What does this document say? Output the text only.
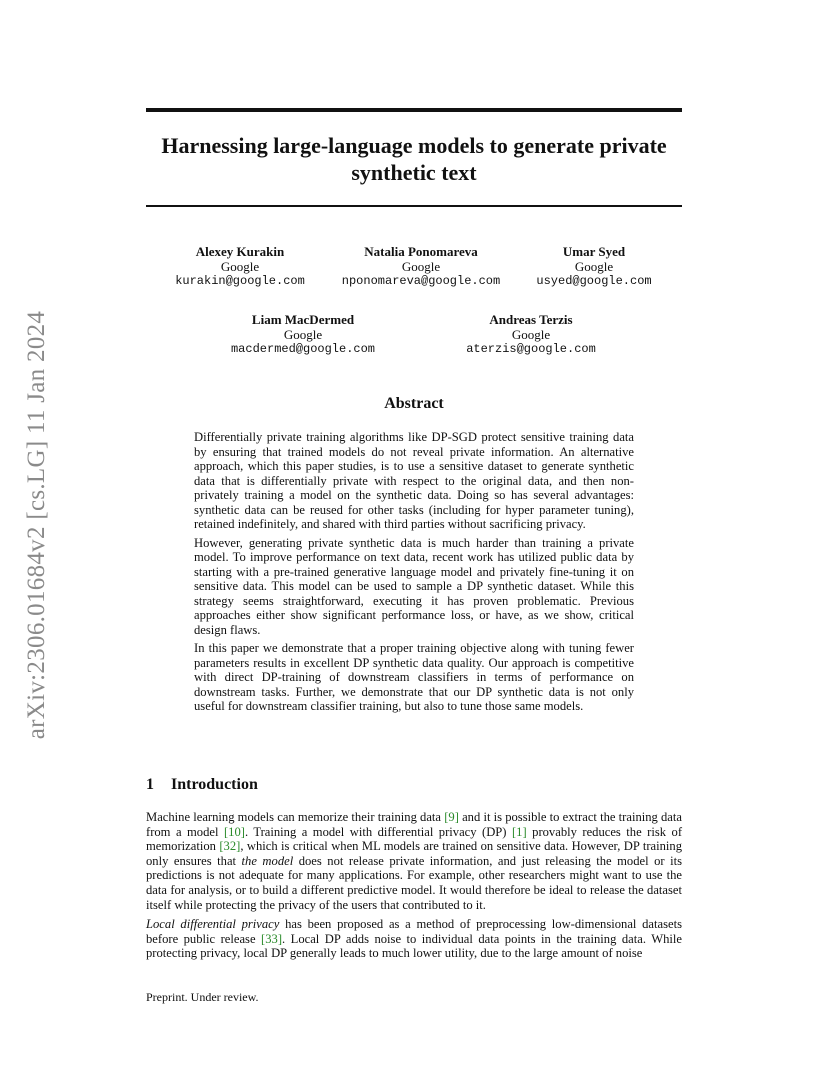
arXiv:2306.01684v2 [cs.LG] 11 Jan 2024
Harnessing large-language models to generate private synthetic text
Alexey Kurakin
Google
kurakin@google.com
Natalia Ponomareva
Google
nponomareva@google.com
Umar Syed
Google
usyed@google.com
Liam MacDermed
Google
macdermed@google.com
Andreas Terzis
Google
aterzis@google.com
Abstract

Differentially private training algorithms like DP-SGD protect sensitive training data by ensuring that trained models do not reveal private information. An alternative approach, which this paper studies, is to use a sensitive dataset to generate synthetic data that is differentially private with respect to the original data, and then non-privately training a model on the synthetic data. Doing so has several advantages: synthetic data can be reused for other tasks (including for hyper parameter tuning), retained indefinitely, and shared with third parties without sacrificing privacy.

However, generating private synthetic data is much harder than training a private model. To improve performance on text data, recent work has utilized public data by starting with a pre-trained generative language model and privately fine-tuning it on sensitive data. This model can be used to sample a DP synthetic dataset. While this strategy seems straightforward, executing it has proven problematic. Previous approaches either show significant performance loss, or have, as we show, critical design flaws.

In this paper we demonstrate that a proper training objective along with tuning fewer parameters results in excellent DP synthetic data quality. Our approach is competitive with direct DP-training of downstream classifiers in terms of performance on downstream tasks. Further, we demonstrate that our DP synthetic data is not only useful for downstream classifier training, but also to tune those same models.

1 Introduction

Machine learning models can memorize their training data [9] and it is possible to extract the training data from a model [10]. Training a model with differential privacy (DP) [1] provably reduces the risk of memorization [32], which is critical when ML models are trained on sensitive data. However, DP training only ensures that the model does not release private information, and just releasing the model or its predictions is not adequate for many applications. For example, other researchers might want to use the data for analysis, or to build a different predictive model. It would therefore be ideal to release the dataset itself while protecting the privacy of the users that contributed to it.

Local differential privacy has been proposed as a method of preprocessing low-dimensional datasets before public release [33]. Local DP adds noise to individual data points in the training data. While protecting privacy, local DP generally leads to much lower utility, due to the large amount of noise

Preprint. Under review.
